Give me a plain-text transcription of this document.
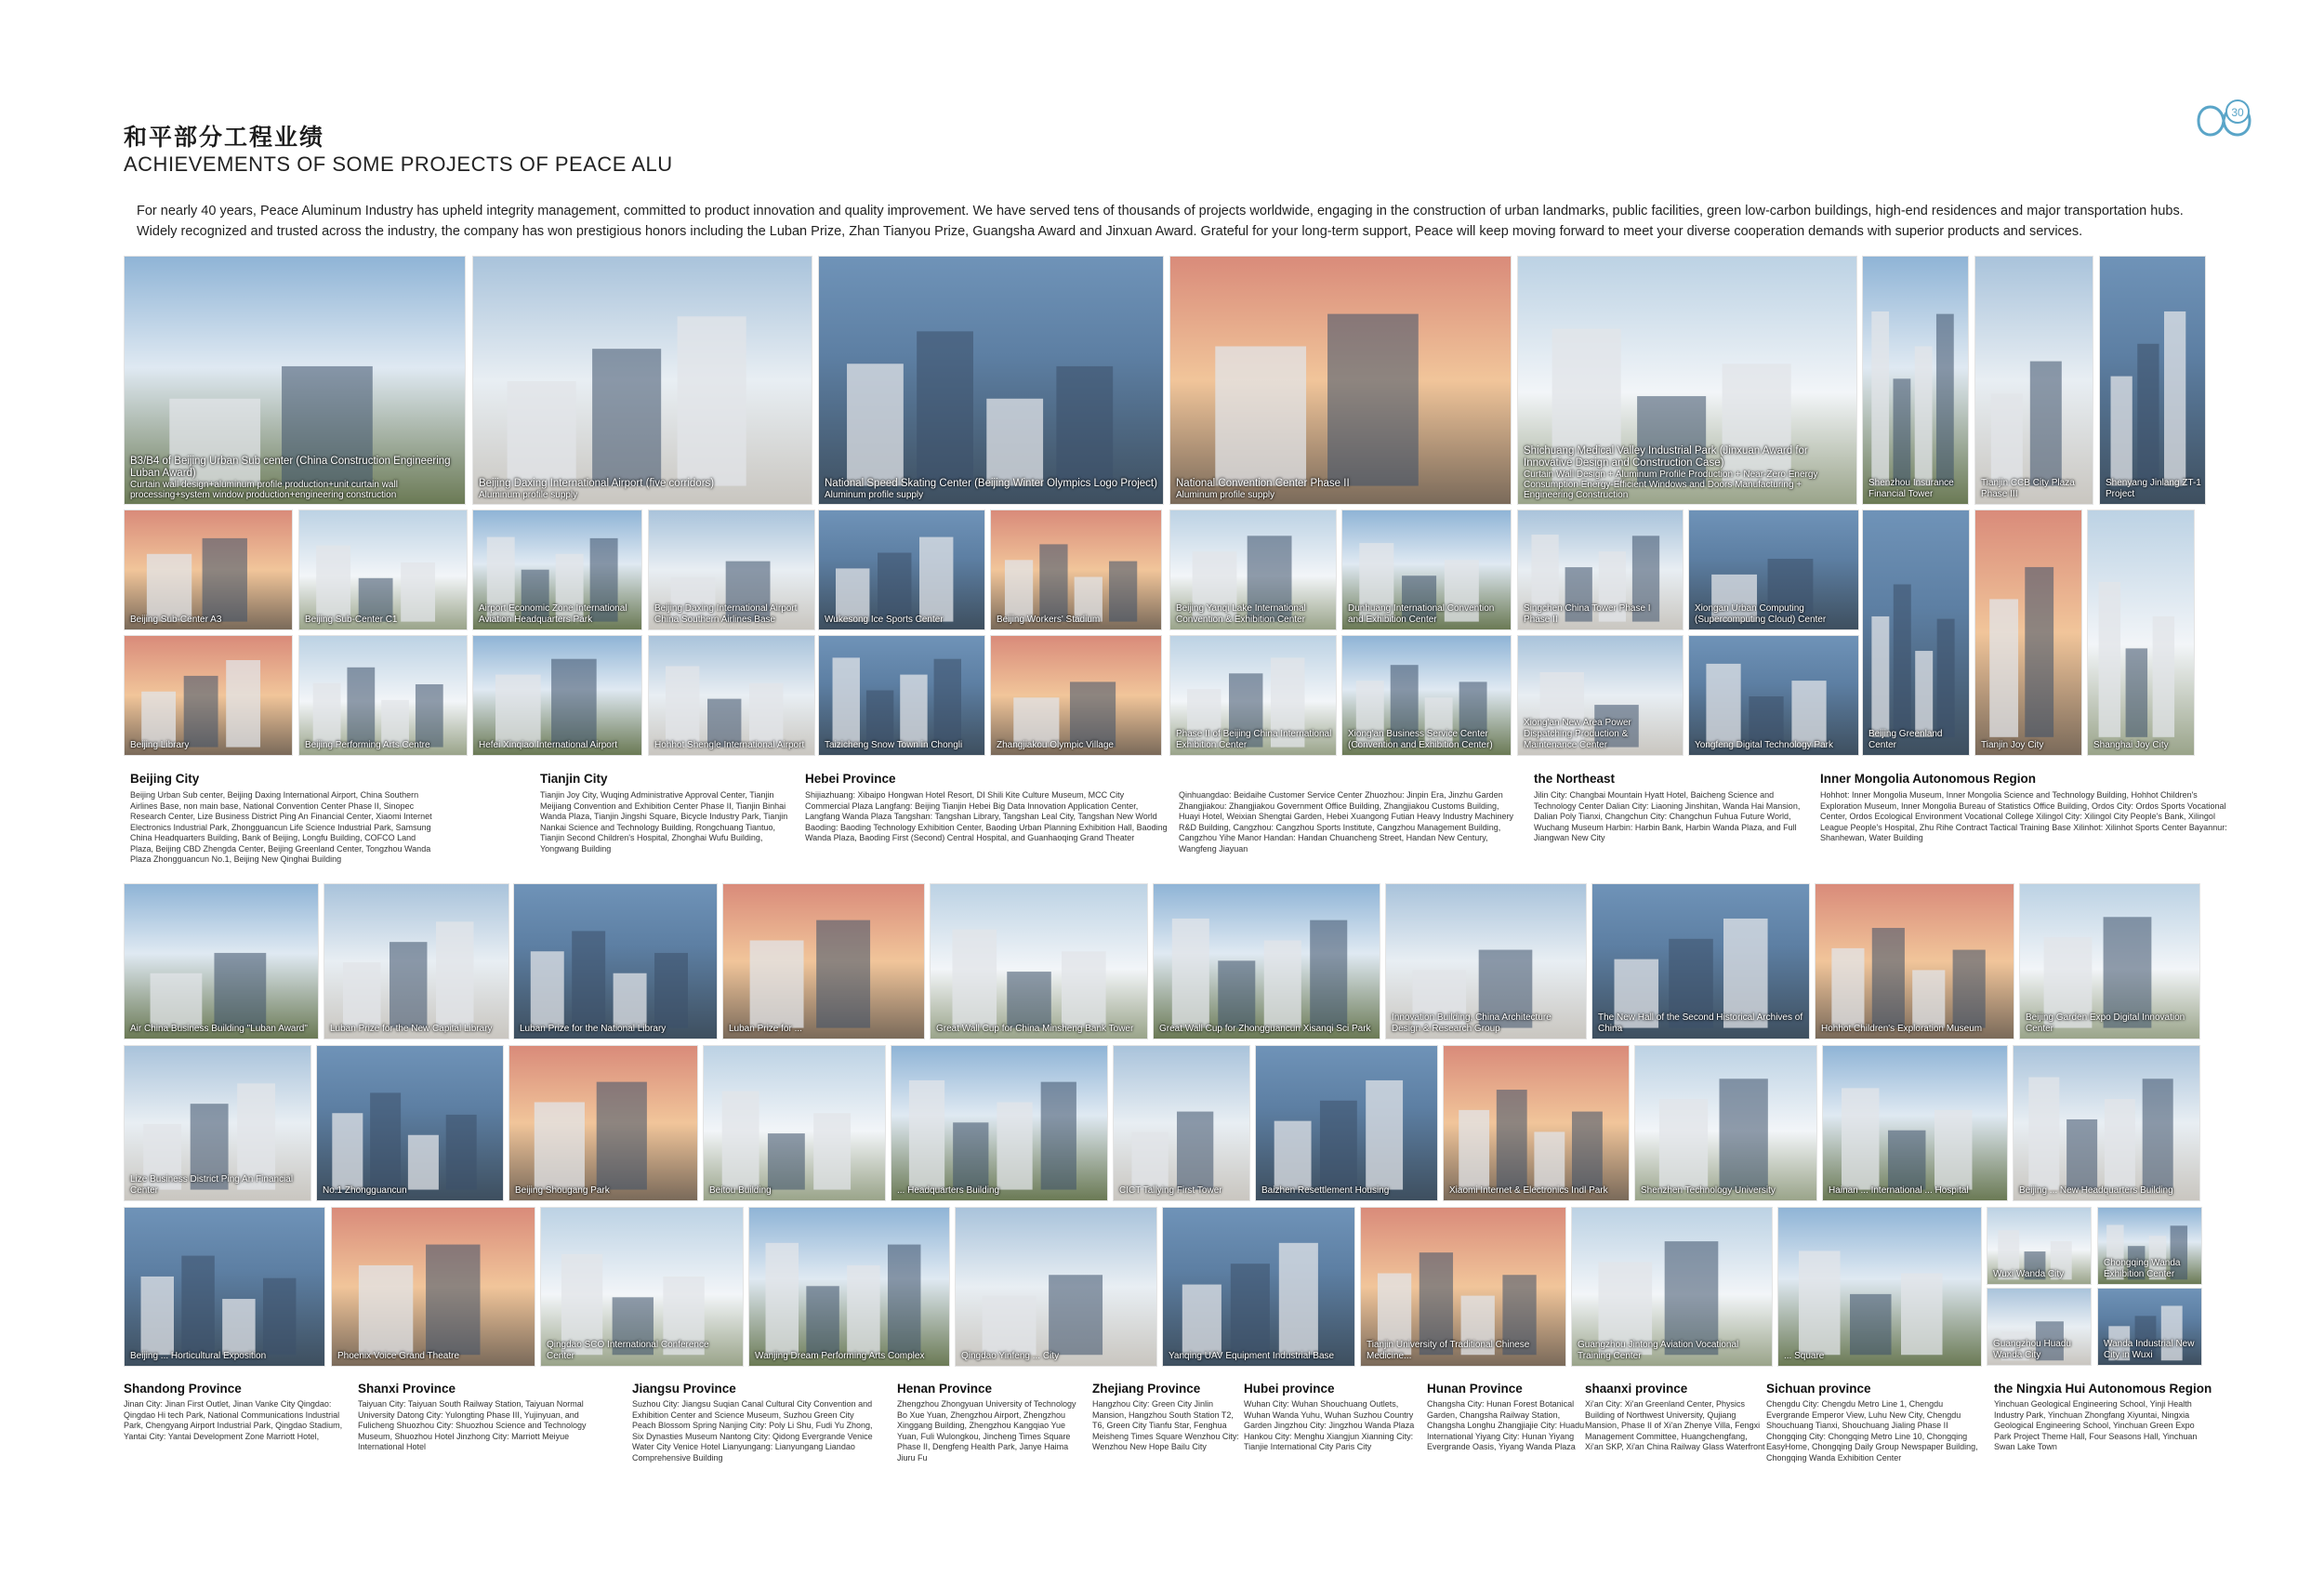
和平部分工程业绩
ACHIEVEMENTS OF SOME PROJECTS OF PEACE ALU
For nearly 40 years, Peace Aluminum Industry has upheld integrity management, committed to product innovation and quality improvement. We have served tens of thousands of projects worldwide, engaging in the construction of urban landmarks, public facilities, green low-carbon buildings, high-end residences and major transportation hubs. Widely recognized and trusted across the industry, the company has won prestigious honors including the Luban Prize, Zhan Tianyou Prize, Guangsha Award and Jinxuan Award. Grateful for your long-term support, Peace will keep moving forward to meet your diverse cooperation demands with superior products and services.
30
B3/B4 of Beijing Urban Sub center (China Construction Engineering Luban Award)
Curtain wall design+aluminum profile production+unit curtain wall processing+system window production+engineering construction
Beijing Daxing International Airport (five corridors)
Aluminum profile supply
National Speed Skating Center (Beijing Winter Olympics Logo Project)
Aluminum profile supply
National Convention Center Phase II
Aluminum profile supply
Shichuang Medical Valley Industrial Park (Jinxuan Award for Innovative Design and Construction Case)
Curtain Wall Design + Aluminum Profile Production + Near-Zero Energy Consumption Energy-Efficient Windows and Doors Manufacturing + Engineering Construction
Shenzhou Insurance Financial Tower
Tianjin CCB City Plaza Phase III
Shenyang Jinlang ZT-1 Project
Beijing Sub-Center A3	Beijing Sub-Center C1
Airport Economic Zone International Aviation Headquarters Park
Beijing Daxing International Airport China Southern Airlines Base	Wukesong Ice Sports Center	Beijing Workers' Stadium
Beijing Yanqi Lake International Convention & Exhibition Center
Dunhuang International Convention and Exhibition Center
Singchen China Tower Phase I Phase II
Xiongan Urban Computing (Supercomputing Cloud) Center
Beijing Library	Beijing Performing Arts Centre	Hefei Xinqiao International Airport	Hohhot Shengle International Airport	Taizicheng Snow Town in Chongli	Zhangjiakou Olympic Village
Phase II of Beijing China International Exhibition Center
Xiong'an Business Service Center (Convention and Exhibition Center)
Xiong'an New Area Power Dispatching Production & Maintenance Center	Yongfeng Digital Technology Park
Beijing Greenland Center	Tianjin Joy City	Shanghai Joy City
Beijing City
Beijing Urban Sub center, Beijing Daxing International Airport, China Southern Airlines Base, non main base, National Convention Center Phase II, Sinopec Research Center, Lize Business District Ping An Financial Center, Xiaomi Internet Electronics Industrial Park, Zhongguancun Life Science Industrial Park, Samsung China Headquarters Building, Bank of Beijing, Longfu Building, COFCO Land Plaza, Beijing CBD Zhengda Center, Beijing Greenland Center, Tongzhou Wanda Plaza Zhongguancun No.1, Beijing New Qinghai Building
Tianjin City
Tianjin Joy City, Wuqing Administrative Approval Center, Tianjin Meijiang Convention and Exhibition Center Phase II, Tianjin Binhai Wanda Plaza, Tianjin Jingshi Square, Bicycle Industry Park, Tianjin Nankai Science and Technology Building, Rongchuang Tiantuo, Tianjin Second Children's Hospital, Zhonghai Wufu Building, Yongwang Building
Hebei Province
Shijiazhuang: Xibaipo Hongwan Hotel Resort, DI Shili Kite Culture Museum, MCC City Commercial Plaza Langfang: Beijing Tianjin Hebei Big Data Innovation Application Center, Langfang Wanda Plaza Tangshan: Tangshan Library, Tangshan Leal City, Tangshan New World Baoding: Baoding Technology Exhibition Center, Baoding Urban Planning Exhibition Hall, Baoding Wanda Plaza, Baoding First (Second) Central Hospital, and Guanhaoqing Grand Theater
Qinhuangdao: Beidaihe Customer Service Center Zhuozhou: Jinpin Era, Jinzhu Garden Zhangjiakou: Zhangjiakou Government Office Building, Zhangjiakou Customs Building, Huayi Hotel, Weixian Shengtai Garden, Hebei Xuangong Futian Heavy Industry Machinery R&D Building, Cangzhou: Cangzhou Sports Institute, Cangzhou Management Building, Cangzhou Yihe Manor Handan: Handan Chuancheng Street, Handan New Century, Wangfeng Jiayuan
the Northeast
Jilin City: Changbai Mountain Hyatt Hotel, Baicheng Science and Technology Center Dalian City: Liaoning Jinshitan, Wanda Hai Mansion, Dalian Poly Tianxi, Changchun City: Changchun Fuhua Future World, Wuchang Museum Harbin: Harbin Bank, Harbin Wanda Plaza, and Full Jiangwan New City
Inner Mongolia Autonomous Region
Hohhot: Inner Mongolia Museum, Inner Mongolia Science and Technology Building, Hohhot Children's Exploration Museum, Inner Mongolia Bureau of Statistics Office Building, Ordos City: Ordos Sports Vocational Center, Ordos Ecological Environment Vocational College Xilingol City: Xilingol City People's Bank, Xilingol League People's Hospital, Zhu Rihe Contract Tactical Training Base Xilinhot: Xilinhot Sports Center Bayannur: Shanhewan, Water Building
Air China Business Building "Luban Award"	Luban Prize for the New Capital Library	Luban Prize for the National Library	Luban Prize for ...	Great Wall Cup for China Minsheng Bank Tower	Great Wall Cup for Zhongguancun Xisanqi Sci Park
Innovation Building, China Architecture Design & Research Group
The New Hall of the Second Historical Archives of China	Hohhot Children's Exploration Museum
Beijing Garden Expo Digital Innovation Center
Lize Business District Ping An Financial Center	No.1 Zhongguancun	Beijing Shougang Park	Beitou Building	... Headquarters Building	CICT Tallying First Tower	Baizhen Resettlement Housing	Xiaomi Internet & Electronics Indl Park	Shenzhen Technology University	Hainan ... International ... Hospital	Beijing ... New Headquarters Building
Beijing ... Horticultural Exposition	Phoenix Voice Grand Theatre
Qingdao SCO International Conference Center	Wanjing Dream Performing Arts Complex	Qingdao Yinfeng ... City	Yanqing UAV Equipment Industrial Base
Tianjin University of Traditional Chinese Medicine...
Guangzhou Jintong Aviation Vocational Training Center	... Square
Wuxi Wanda City
Chongqing Wanda Exhibition Center
Guangzhou Huadu Wanda City
Wanda Industrial New City in Wuxi
Shandong Province
Jinan City: Jinan First Outlet, Jinan Vanke City Qingdao: Qingdao Hi tech Park, National Communications Industrial Park, Chengyang Airport Industrial Park, Qingdao Stadium, Yantai City: Yantai Development Zone Marriott Hotel,
Shanxi Province
Taiyuan City: Taiyuan South Railway Station, Taiyuan Normal University Datong City: Yulongting Phase III, Yujinyuan, and Fulicheng Shuozhou City: Shuozhou Science and Technology Museum, Shuozhou Hotel Jinzhong City: Marriott Meiyue International Hotel
Jiangsu Province
Suzhou City: Jiangsu Suqian Canal Cultural City Convention and Exhibition Center and Science Museum, Suzhou Green City Peach Blossom Spring Nanjing City: Poly Li Shu, Fudi Yu Zhong, Six Dynasties Museum Nantong City: Qidong Evergrande Venice Water City Venice Hotel Lianyungang: Lianyungang Liandao Comprehensive Building
Henan Province
Zhengzhou Zhongyuan University of Technology Bo Xue Yuan, Zhengzhou Airport, Zhengzhou Xinggang Building, Zhengzhou Kangqiao Yue Yuan, Fuli Wulongkou, Jincheng Times Square Phase II, Dengfeng Health Park, Janye Haima Jiuru Fu
Zhejiang Province
Hangzhou City: Green City Jinlin Mansion, Hangzhou South Station T2, T6, Green City Tianfu Star, Fenghua Meisheng Times Square Wenzhou City: Wenzhou New Hope Bailu City
Hubei province
Wuhan City: Wuhan Shouchuang Outlets, Wuhan Wanda Yuhu, Wuhan Suzhou Country Garden Jingzhou City: Jingzhou Wanda Plaza Hankou City: Menghu Xiangjun Xianning City: Tianjie International City Paris City
Hunan Province
Changsha City: Hunan Forest Botanical Garden, Changsha Railway Station, Changsha Longhu Zhangjiajie City: Huadu International Yiyang City: Hunan Yiyang Evergrande Oasis, Yiyang Wanda Plaza
shaanxi province
Xi'an City: Xi'an Greenland Center, Physics Building of Northwest University, Qujiang Mansion, Phase II of Xi'an Zhenye Villa, Fengxi Management Committee, Huangchengfang, Xi'an SKP, Xi'an China Railway Glass Waterfront
Sichuan province
Chengdu City: Chengdu Metro Line 1, Chengdu Evergrande Emperor View, Luhu New City, Chengdu Shouchuang Tianxi, Shouchuang Jialing Phase II Chongqing City: Chongqing Metro Line 10, Chongqing EasyHome, Chongqing Daily Group Newspaper Building, Chongqing Wanda Exhibition Center
the Ningxia Hui Autonomous Region
Yinchuan Geological Engineering School, Yinji Health Industry Park, Yinchuan Zhongfang Xiyuntai, Ningxia Geological Engineering School, Yinchuan Green Expo Park Project Theme Hall, Four Seasons Hall, Yinchuan Swan Lake Town
